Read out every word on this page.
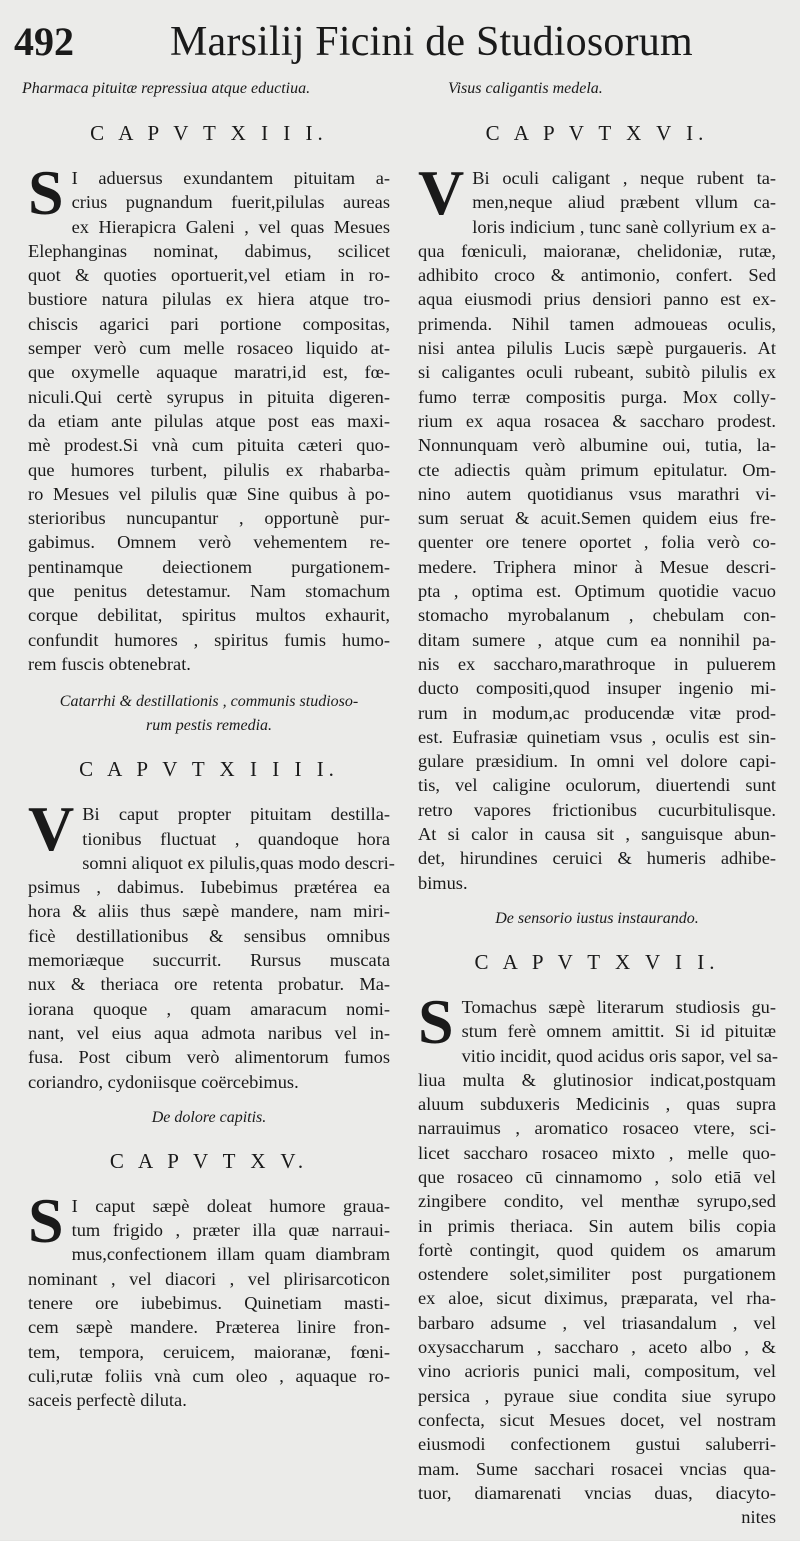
492 Marsilij Ficini de Studiosorum
Pharmaca pituitæ repressiua atque eductiua.	Visus caligantis medela.
C A P V T X I I I.
S I aduersus exundantem pituitam a-
crius pugnandum fuerit,pilulas aureas
ex Hierapicra Galeni , vel quas Mesues
Elephanginas nominat, dabimus, scilicet
quot & quoties oportuerit,vel etiam in ro-
bustiore natura pilulas ex hiera atque tro-
chiscis agarici pari portione compositas,
semper verò cum melle rosaceo liquido at-
que oxymelle aquaque maratri,id est, fœ-
niculi.Qui certè syrupus in pituita digeren-
da etiam ante pilulas atque post eas maxi-
mè prodest.Si vnà cum pituita cæteri quo-
que humores turbent, pilulis ex rhabarba-
ro Mesues vel pilulis quæ Sine quibus à po-
sterioribus nuncupantur , opportunè pur-
gabimus. Omnem verò vehementem re-
pentinamque deiectionem purgationem-
que penitus detestamur. Nam stomachum
corque debilitat, spiritus multos exhaurit,
confundit humores , spiritus fumis humo-
rem fuscis obtenebrat.
Catarrhi & destillationis , communis studioso-
rum pestis remedia.
C A P V T X I I I I.
V Bi caput propter pituitam destilla-
tionibus fluctuat , quandoque hora
somni aliquot ex pilulis,quas modo descri-
psimus , dabimus. Iubebimus prætérea ea
hora & aliis thus sæpè mandere, nam miri-
ficè destillationibus & sensibus omnibus
memoriæque succurrit. Rursus muscata
nux & theriaca ore retenta probatur. Ma-
iorana quoque , quam amaracum nomi-
nant, vel eius aqua admota naribus vel in-
fusa. Post cibum verò alimentorum fumos
coriandro, cydoniisque coërcebimus.
De dolore capitis.
C A P V T X V.
S I caput sæpè doleat humore graua-
tum frigido , præter illa quæ narraui-
mus,confectionem illam quam diambram
nominant , vel diacori , vel plirisarcoticon
tenere ore iubebimus. Quinetiam masti-
cem sæpè mandere. Præterea linire fron-
tem, tempora, ceruicem, maioranæ, fœni-
culi,rutæ foliis vnà cum oleo , aquaque ro-
saceis perfectè diluta.
C A P V T X V I.
V Bi oculi caligant , neque rubent ta-
men,neque aliud præbent vllum ca-
loris indicium , tunc sanè collyrium ex a-
qua fœniculi, maioranæ, chelidoniæ, rutæ,
adhibito croco & antimonio, confert. Sed
aqua eiusmodi prius densiori panno est ex-
primenda. Nihil tamen admoueas oculis,
nisi antea pilulis Lucis sæpè purgaueris. At
si caligantes oculi rubeant, subitò pilulis ex
fumo terræ compositis purga. Mox colly-
rium ex aqua rosacea & saccharo prodest.
Nonnunquam verò albumine oui, tutia, la-
cte adiectis quàm primum epitulatur. Om-
nino autem quotidianus vsus marathri vi-
sum seruat & acuit.Semen quidem eius fre-
quenter ore tenere oportet , folia verò co-
medere. Triphera minor à Mesue descri-
pta , optima est. Optimum quotidie vacuo
stomacho myrobalanum , chebulam con-
ditam sumere , atque cum ea nonnihil pa-
nis ex saccharo,marathroque in puluerem
ducto compositi,quod insuper ingenio mi-
rum in modum,ac producendæ vitæ prod-
est. Eufrasiæ quinetiam vsus , oculis est sin-
gulare præsidium. In omni vel dolore capi-
tis, vel caligine oculorum, diuertendi sunt
retro vapores frictionibus cucurbitulisque.
At si calor in causa sit , sanguisque abun-
det, hirundines ceruici & humeris adhibe-
bimus.
De sensorio iustus instaurando.
C A P V T X V I I.
S Tomachus sæpè literarum studiosis gu-
stum ferè omnem amittit. Si id pituitæ
vitio incidit, quod acidus oris sapor, vel sa-
liua multa & glutinosior indicat,postquam
aluum subduxeris Medicinis , quas supra
narrauimus , aromatico rosaceo vtere, sci-
licet saccharo rosaceo mixto , melle quo-
que rosaceo cū cinnamomo , solo etiā vel
zingibere condito, vel menthæ syrupo,sed
in primis theriaca. Sin autem bilis copia
fortè contingit, quod quidem os amarum
ostendere solet,similiter post purgationem
ex aloe, sicut diximus, præparata, vel rha-
barbaro adsume , vel triasandalum , vel
oxysaccharum , saccharo , aceto albo , &
vino acrioris punici mali, compositum, vel
persica , pyraue siue condita siue syrupo
confecta, sicut Mesues docet, vel nostram
eiusmodi confectionem gustui saluberri-
mam. Sume sacchari rosacei vncias qua-
tuor, diamarenati vncias duas, diacyto-
nites
